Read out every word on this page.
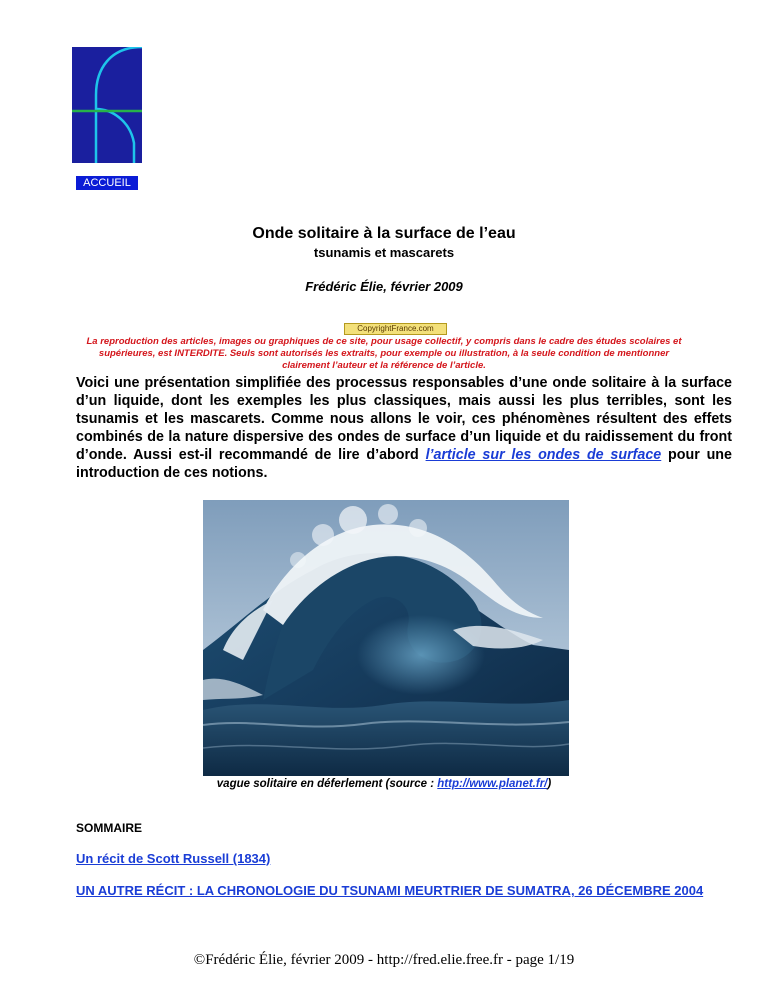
ACCUEIL
Onde solitaire à la surface de l’eau
tsunamis et mascarets

Frédéric Élie, février 2009

CopyrightFrance.com

La reproduction des articles, images ou graphiques de ce site, pour usage collectif, y compris dans le cadre des études scolaires et supérieures, est INTERDITE. Seuls sont autorisés les extraits, pour exemple ou illustration, à la seule condition de mentionner clairement l’auteur et la référence de l’article.

Voici une présentation simplifiée des processus responsables d’une onde solitaire à la surface d’un liquide, dont les exemples les plus classiques, mais aussi les plus terribles, sont les tsunamis et les mascarets. Comme nous allons le voir, ces phénomènes résultent des effets combinés de la nature dispersive des ondes de surface d’un liquide et du raidissement du front d’onde. Aussi est-il recommandé de lire d’abord l’article sur les ondes de surface pour une introduction de ces notions.

vague solitaire en déferlement (source : http://www.planet.fr/)

SOMMAIRE

Un récit de Scott Russell (1834)
UN AUTRE RÉCIT : LA CHRONOLOGIE DU TSUNAMI MEURTRIER DE SUMATRA, 26 DÉCEMBRE 2004

©Frédéric Élie, février 2009 - http://fred.elie.free.fr - page 1/19
